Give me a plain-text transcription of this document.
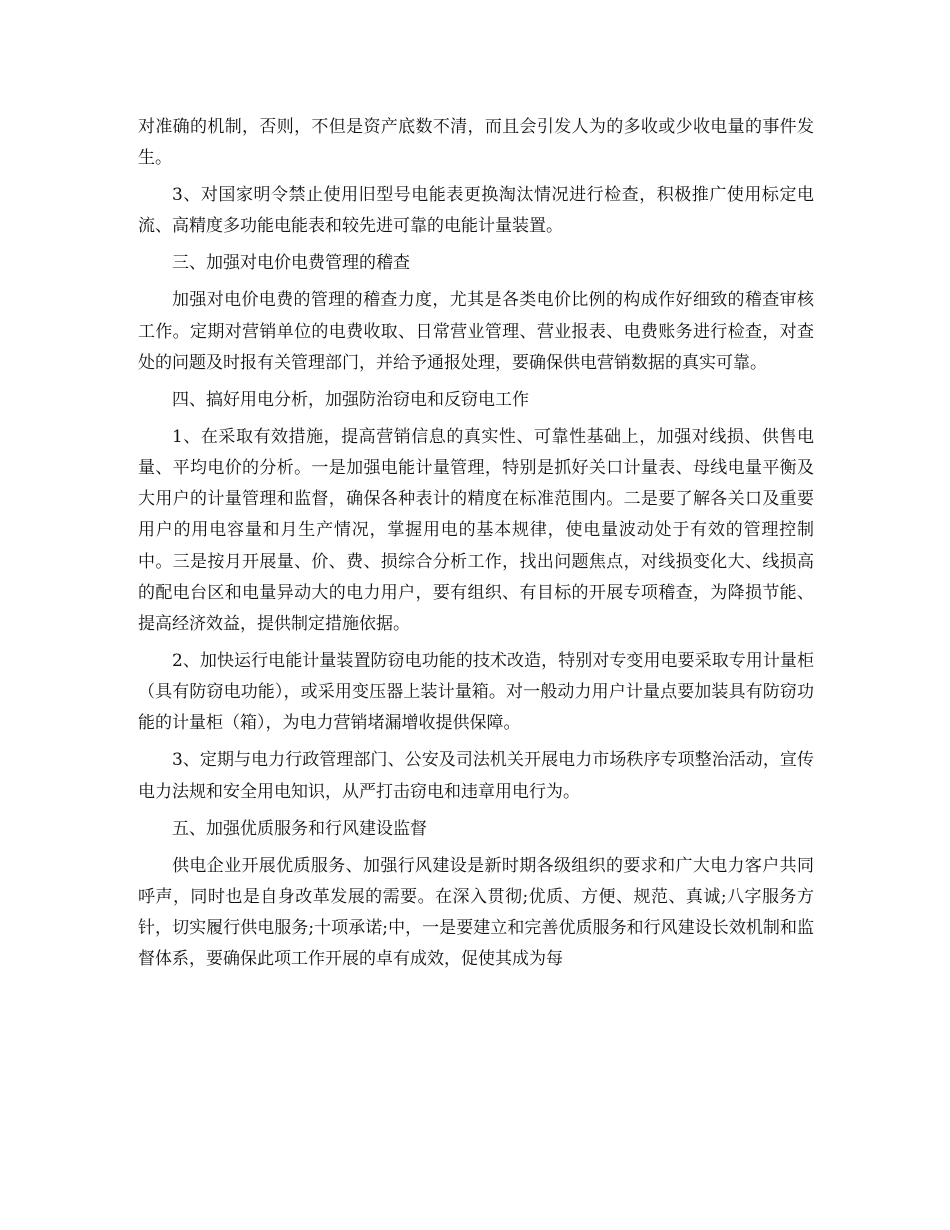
对准确的机制，否则，不但是资产底数不清，而且会引发人为的多收或少收电量的事件发生。

3、对国家明令禁止使用旧型号电能表更换淘汰情况进行检查，积极推广使用标定电流、高精度多功能电能表和较先进可靠的电能计量装置。

三、加强对电价电费管理的稽查

加强对电价电费的管理的稽查力度，尤其是各类电价比例的构成作好细致的稽查审核工作。定期对营销单位的电费收取、日常营业管理、营业报表、电费账务进行检查，对查处的问题及时报有关管理部门，并给予通报处理，要确保供电营销数据的真实可靠。

四、搞好用电分析，加强防治窃电和反窃电工作

1、在采取有效措施，提高营销信息的真实性、可靠性基础上，加强对线损、供售电量、平均电价的分析。一是加强电能计量管理，特别是抓好关口计量表、母线电量平衡及大用户的计量管理和监督，确保各种表计的精度在标准范围内。二是要了解各关口及重要用户的用电容量和月生产情况，掌握用电的基本规律，使电量波动处于有效的管理控制中。三是按月开展量、价、费、损综合分析工作，找出问题焦点，对线损变化大、线损高的配电台区和电量异动大的电力用户，要有组织、有目标的开展专项稽查，为降损节能、提高经济效益，提供制定措施依据。

2、加快运行电能计量装置防窃电功能的技术改造，特别对专变用电要采取专用计量柜（具有防窃电功能），或采用变压器上装计量箱。对一般动力用户计量点要加装具有防窃功能的计量柜（箱），为电力营销堵漏增收提供保障。

3、定期与电力行政管理部门、公安及司法机关开展电力市场秩序专项整治活动，宣传电力法规和安全用电知识，从严打击窃电和违章用电行为。

五、加强优质服务和行风建设监督

供电企业开展优质服务、加强行风建设是新时期各级组织的要求和广大电力客户共同呼声，同时也是自身改革发展的需要。在深入贯彻;优质、方便、规范、真诚;八字服务方针，切实履行供电服务;十项承诺;中，一是要建立和完善优质服务和行风建设长效机制和监督体系，要确保此项工作开展的卓有成效，促使其成为每
